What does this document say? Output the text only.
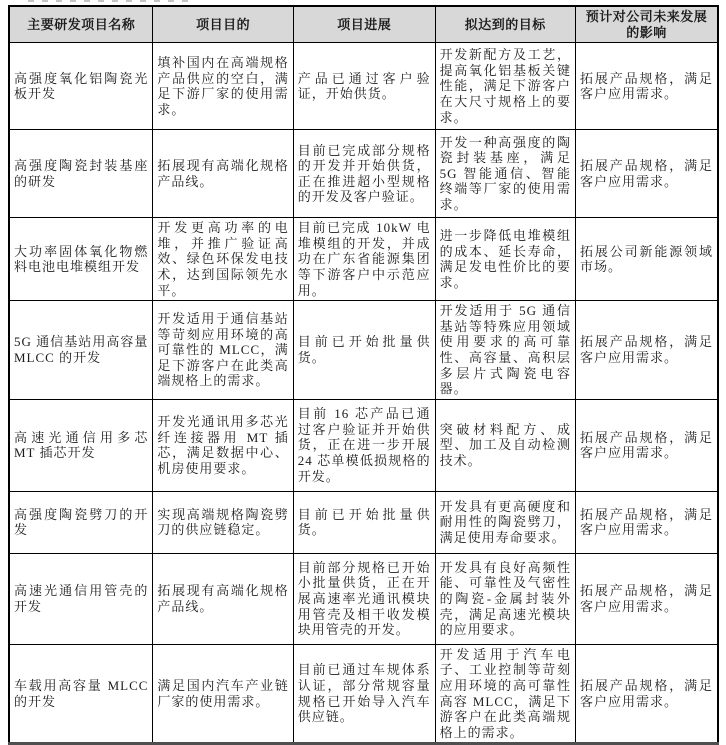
主要研发项目名称	项目目的	项目进展	拟达到的目标	预计对公司未来发展的影响
高强度氧化铝陶瓷光板开发	填补国内在高端规格产品供应的空白，满足下游厂家的使用需求。	产品已通过客户验证，开始供货。	开发新配方及工艺，提高氧化铝基板关键性能，满足下游客户在大尺寸规格上的要求。	拓展产品规格，满足客户应用需求。
高强度陶瓷封装基座的研发	拓展现有高端化规格产品线。	目前已完成部分规格的开发并开始供货，正在推进超小型规格的开发及客户验证。	开发一种高强度的陶瓷封装基座，满足 5G 智能通信、智能终端等厂家的使用需求。	拓展产品规格，满足客户应用需求。
大功率固体氧化物燃料电池电堆模组开发	开发更高功率的电堆，并推广验证高效、绿色环保发电技术，达到国际领先水平。	目前已完成 10kW 电堆模组的开发，并成功在广东省能源集团等下游客户中示范应用。	进一步降低电堆模组的成本、延长寿命，满足发电性价比的要求。	拓展公司新能源领域市场。
5G 通信基站用高容量 MLCC 的开发	开发适用于通信基站等苛刻应用环境的高可靠性的 MLCC，满足下游客户在此类高端规格上的需求。	目前已开始批量供货。	开发适用于 5G 通信基站等特殊应用领域使用要求的高可靠性、高容量、高积层多层片式陶瓷电容器。	拓展产品规格，满足客户应用需求。
高速光通信用多芯 MT 插芯开发	开发光通讯用多芯光纤连接器用 MT 插芯，满足数据中心、机房使用要求。	目前 16 芯产品已通过客户验证并开始供货，正在进一步开展 24 芯单模低损规格的开发。	突破材料配方、成型、加工及自动检测技术。	拓展产品规格，满足客户应用需求。
高强度陶瓷劈刀的开发	实现高端规格陶瓷劈刀的供应链稳定。	目前已开始批量供货。	开发具有更高硬度和耐用性的陶瓷劈刀，满足使用寿命要求。	拓展产品规格，满足客户应用需求。
高速光通信用管壳的开发	拓展现有高端化规格产品线。	目前部分规格已开始小批量供货，正在开展高速率光通讯模块用管壳及相干收发模块用管壳的开发。	开发具有良好高频性能、可靠性及气密性的陶瓷-金属封装外壳，满足高速光模块的应用要求。	拓展产品规格，满足客户应用需求。
车载用高容量 MLCC 的开发	满足国内汽车产业链厂家的使用需求。	目前已通过车规体系认证，部分常规容量规格已开始导入汽车供应链。	开发适用于汽车电子、工业控制等苛刻应用环境的高可靠性高容 MLCC，满足下游客户在此类高端规格上的需求。	拓展产品规格，满足客户应用需求。
